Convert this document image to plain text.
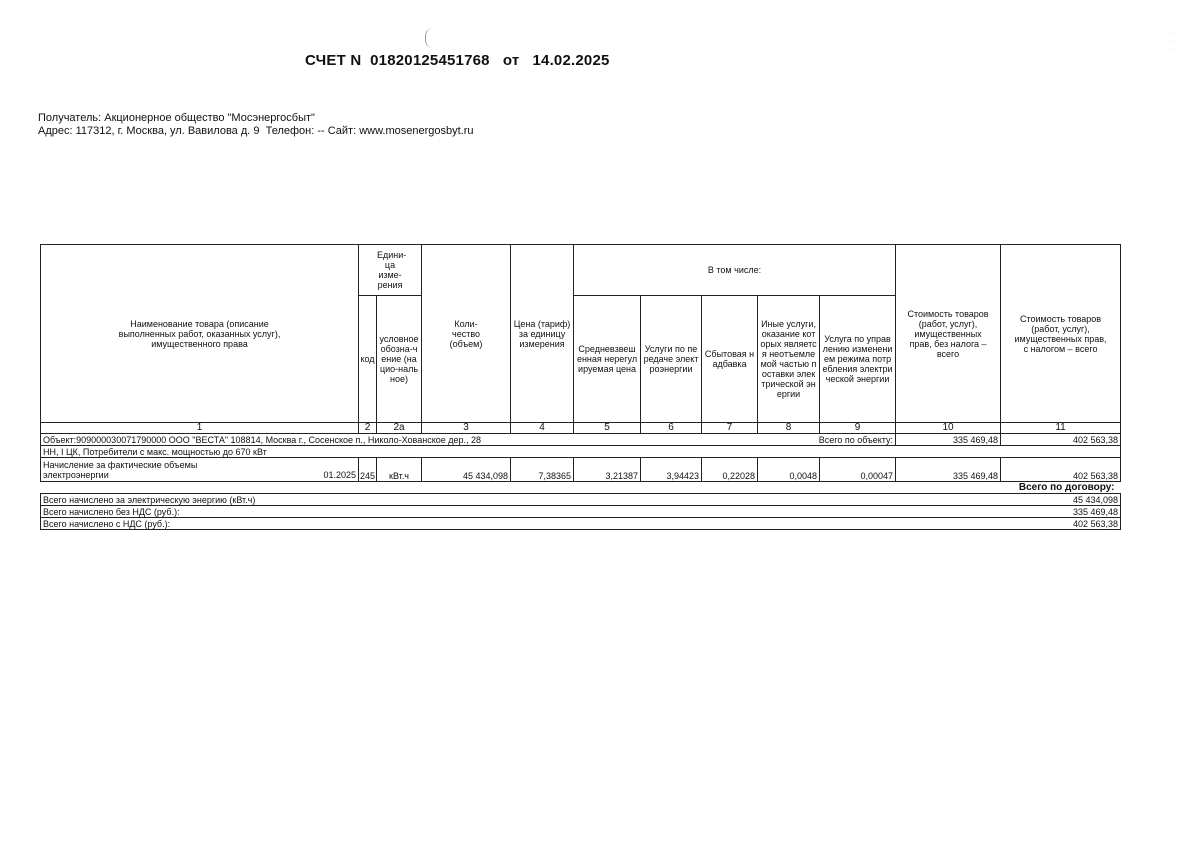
·
·
·
СЧЕТ N 01820125451768 от 14.02.2025
Получатель: Акционерное общество "Мосэнергосбыт"
Адрес: 117312, г. Москва, ул. Вавилова д. 9  Телефон: -- Сайт: www.mosenergosbyt.ru
Наименование товара (описание выполненных работ, оказанных услуг), имущественного права	Едини-ца изме-рения		Коли-чество (объем)	Цена (тариф) за единицу измерения	В том числе:					Стоимость товаров (работ, услуг), имущественных прав, без налога – всего	Стоимость товаров (работ, услуг), имущественных прав, с налогом – всего
	код	условное обозна-чение (нацио-нальное)			Средневзвешенная нерегулируемая цена	Услуги по передаче электроэнергии	Сбытовая надбавка	Иные услуги, оказание которых является неотъемлемой частью поставки электрической энергии	Услуга по управлению изменением режима потребления электрической энергии		

1	2	2а	3	4	5	6	7	8	9	10	11
Объект:909000030071790000 ООО "ВЕСТА" 108814, Москва г., Сосенское п., Николо-Хованское дер., 28								Всего по объекту:		335 469,48	402 563,38
НН, I ЦК, Потребители с макс. мощностью до 670 кВт											
Начисление за фактические объемы электроэнергии 01.2025	245	кВт.ч	45 434,098	7,38365	3,21387	3,94423	0,22028	0,0048	0,00047	335 469,48	402 563,38
Всего по договору:											
Всего начислено за электрическую энергию (кВт.ч)										45 434,098	
Всего начислено без НДС (руб.):										335 469,48	
Всего начислено с НДС (руб.):										402 563,38	
